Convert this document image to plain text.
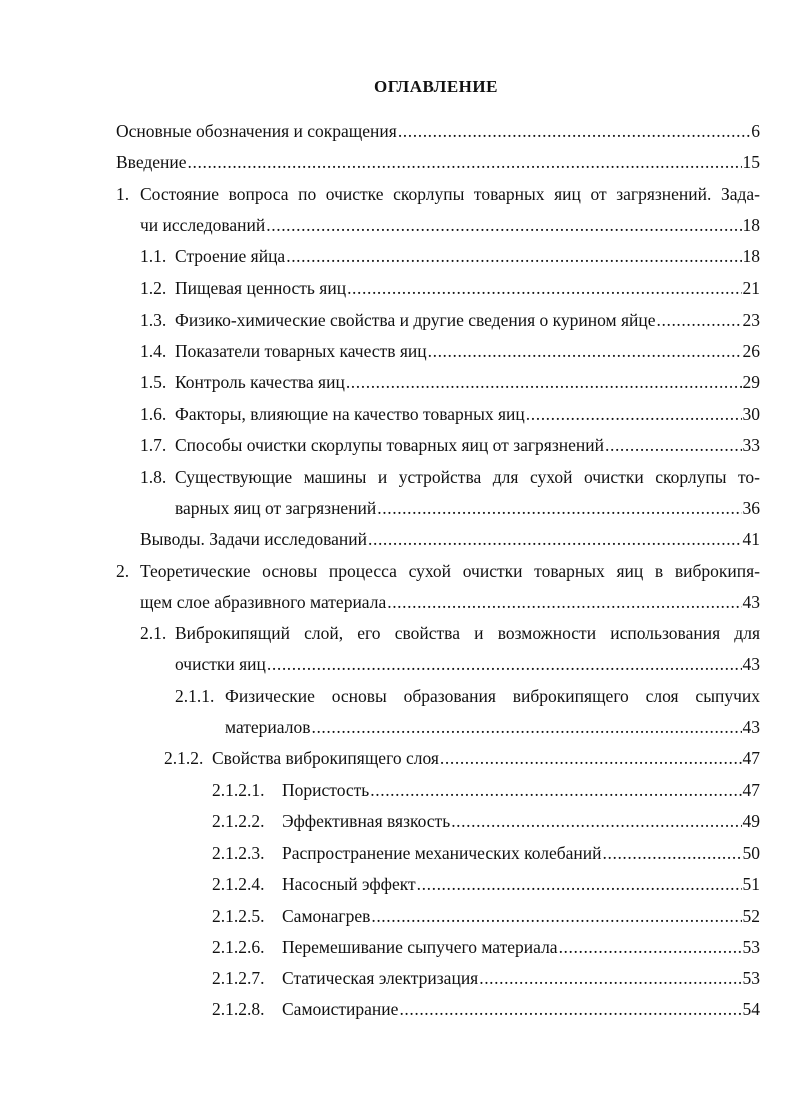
ОГЛАВЛЕНИЕ
Основные обозначения и сокращения .....	6
Введение .....	15
1. Состояние вопроса по очистке скорлупы товарных яиц от загрязнений. Зада-
чи исследований .....	18
1.1. Строение яйца .....	18
1.2. Пищевая ценность яиц .....	21
1.3. Физико-химические свойства и другие сведения о курином яйце .....	23
1.4. Показатели товарных качеств яиц .....	26
1.5. Контроль качества яиц .....	29
1.6. Факторы, влияющие на качество товарных яиц .....	30
1.7. Способы очистки скорлупы товарных яиц от загрязнений .....	33
1.8. Существующие машины и устройства для сухой очистки скорлупы то-
варных яиц от загрязнений .....	36
Выводы. Задачи исследований .....	41
2. Теоретические основы процесса сухой очистки товарных яиц в виброкипя-
щем слое абразивного материала .....	43
2.1. Виброкипящий слой, его свойства и возможности использования для
очистки яиц .....	43
2.1.1. Физические основы образования виброкипящего слоя сыпучих
материалов .....	43
2.1.2. Свойства виброкипящего слоя .....	47
2.1.2.1.	Пористость .....	47
2.1.2.2.	Эффективная вязкость .....	49
2.1.2.3.	Распространение механических колебаний .....	50
2.1.2.4.	Насосный эффект .....	51
2.1.2.5.	Самонагрев .....	52
2.1.2.6.	Перемешивание сыпучего материала .....	53
2.1.2.7.	Статическая электризация .....	53
2.1.2.8.	Самоистирание .....	54
